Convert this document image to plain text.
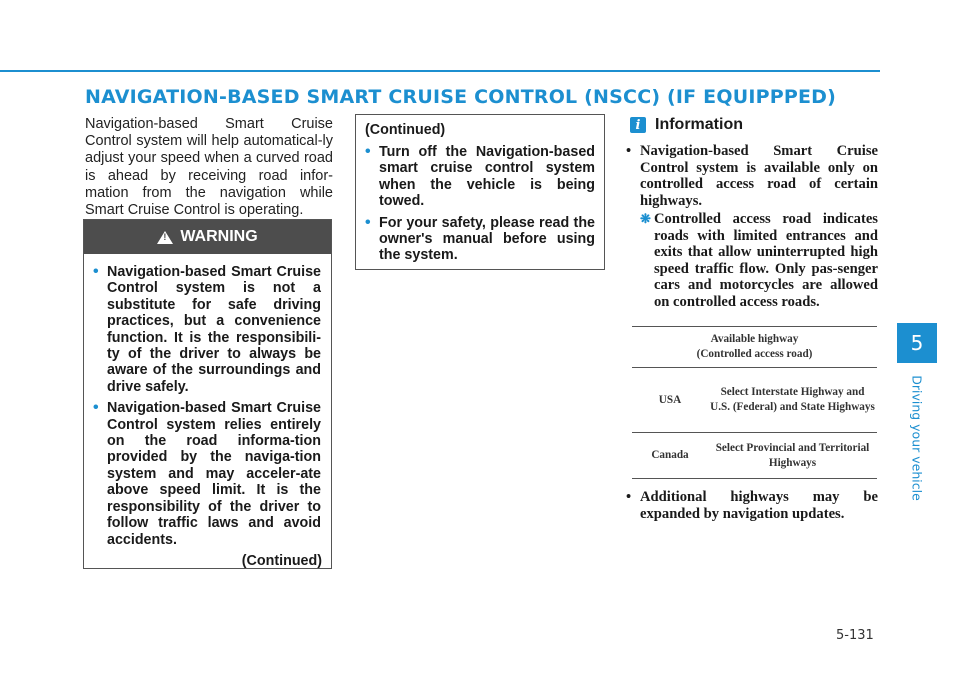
NAVIGATION-BASED SMART CRUISE CONTROL (NSCC) (IF EQUIPPPED)
Navigation-based Smart Cruise Control system will help automatical-ly adjust your speed when a curved road is ahead by receiving road infor-mation from the navigation while Smart Cruise Control is operating.
!
WARNING
• Navigation-based Smart Cruise Control system is not a substitute for safe driving practices, but a convenience function. It is the responsibili-ty of the driver to always be aware of the surroundings and drive safely.
• Navigation-based Smart Cruise Control system relies entirely on the road informa-tion provided by the naviga-tion system and may acceler-ate above speed limit. It is the responsibility of the driver to follow traffic laws and avoid accidents.
(Continued)
(Continued)
• Turn off the Navigation-based smart cruise control system when the vehicle is being towed.
• For your safety, please read the owner's manual before using the system.
i Information
• Navigation-based Smart Cruise Control system is available only on controlled access road of certain highways.
❋ Controlled access road indicates roads with limited entrances and exits that allow uninterrupted high speed traffic flow. Only pas-senger cars and motorcycles are allowed on controlled access roads.
Available highway
(Controlled access road)	
USA	Select Interstate Highway and U.S. (Federal) and State Highways
Canada	Select Provincial and Territorial Highways
• Additional highways may be expanded by navigation updates.
5
Driving your vehicle
5-131
